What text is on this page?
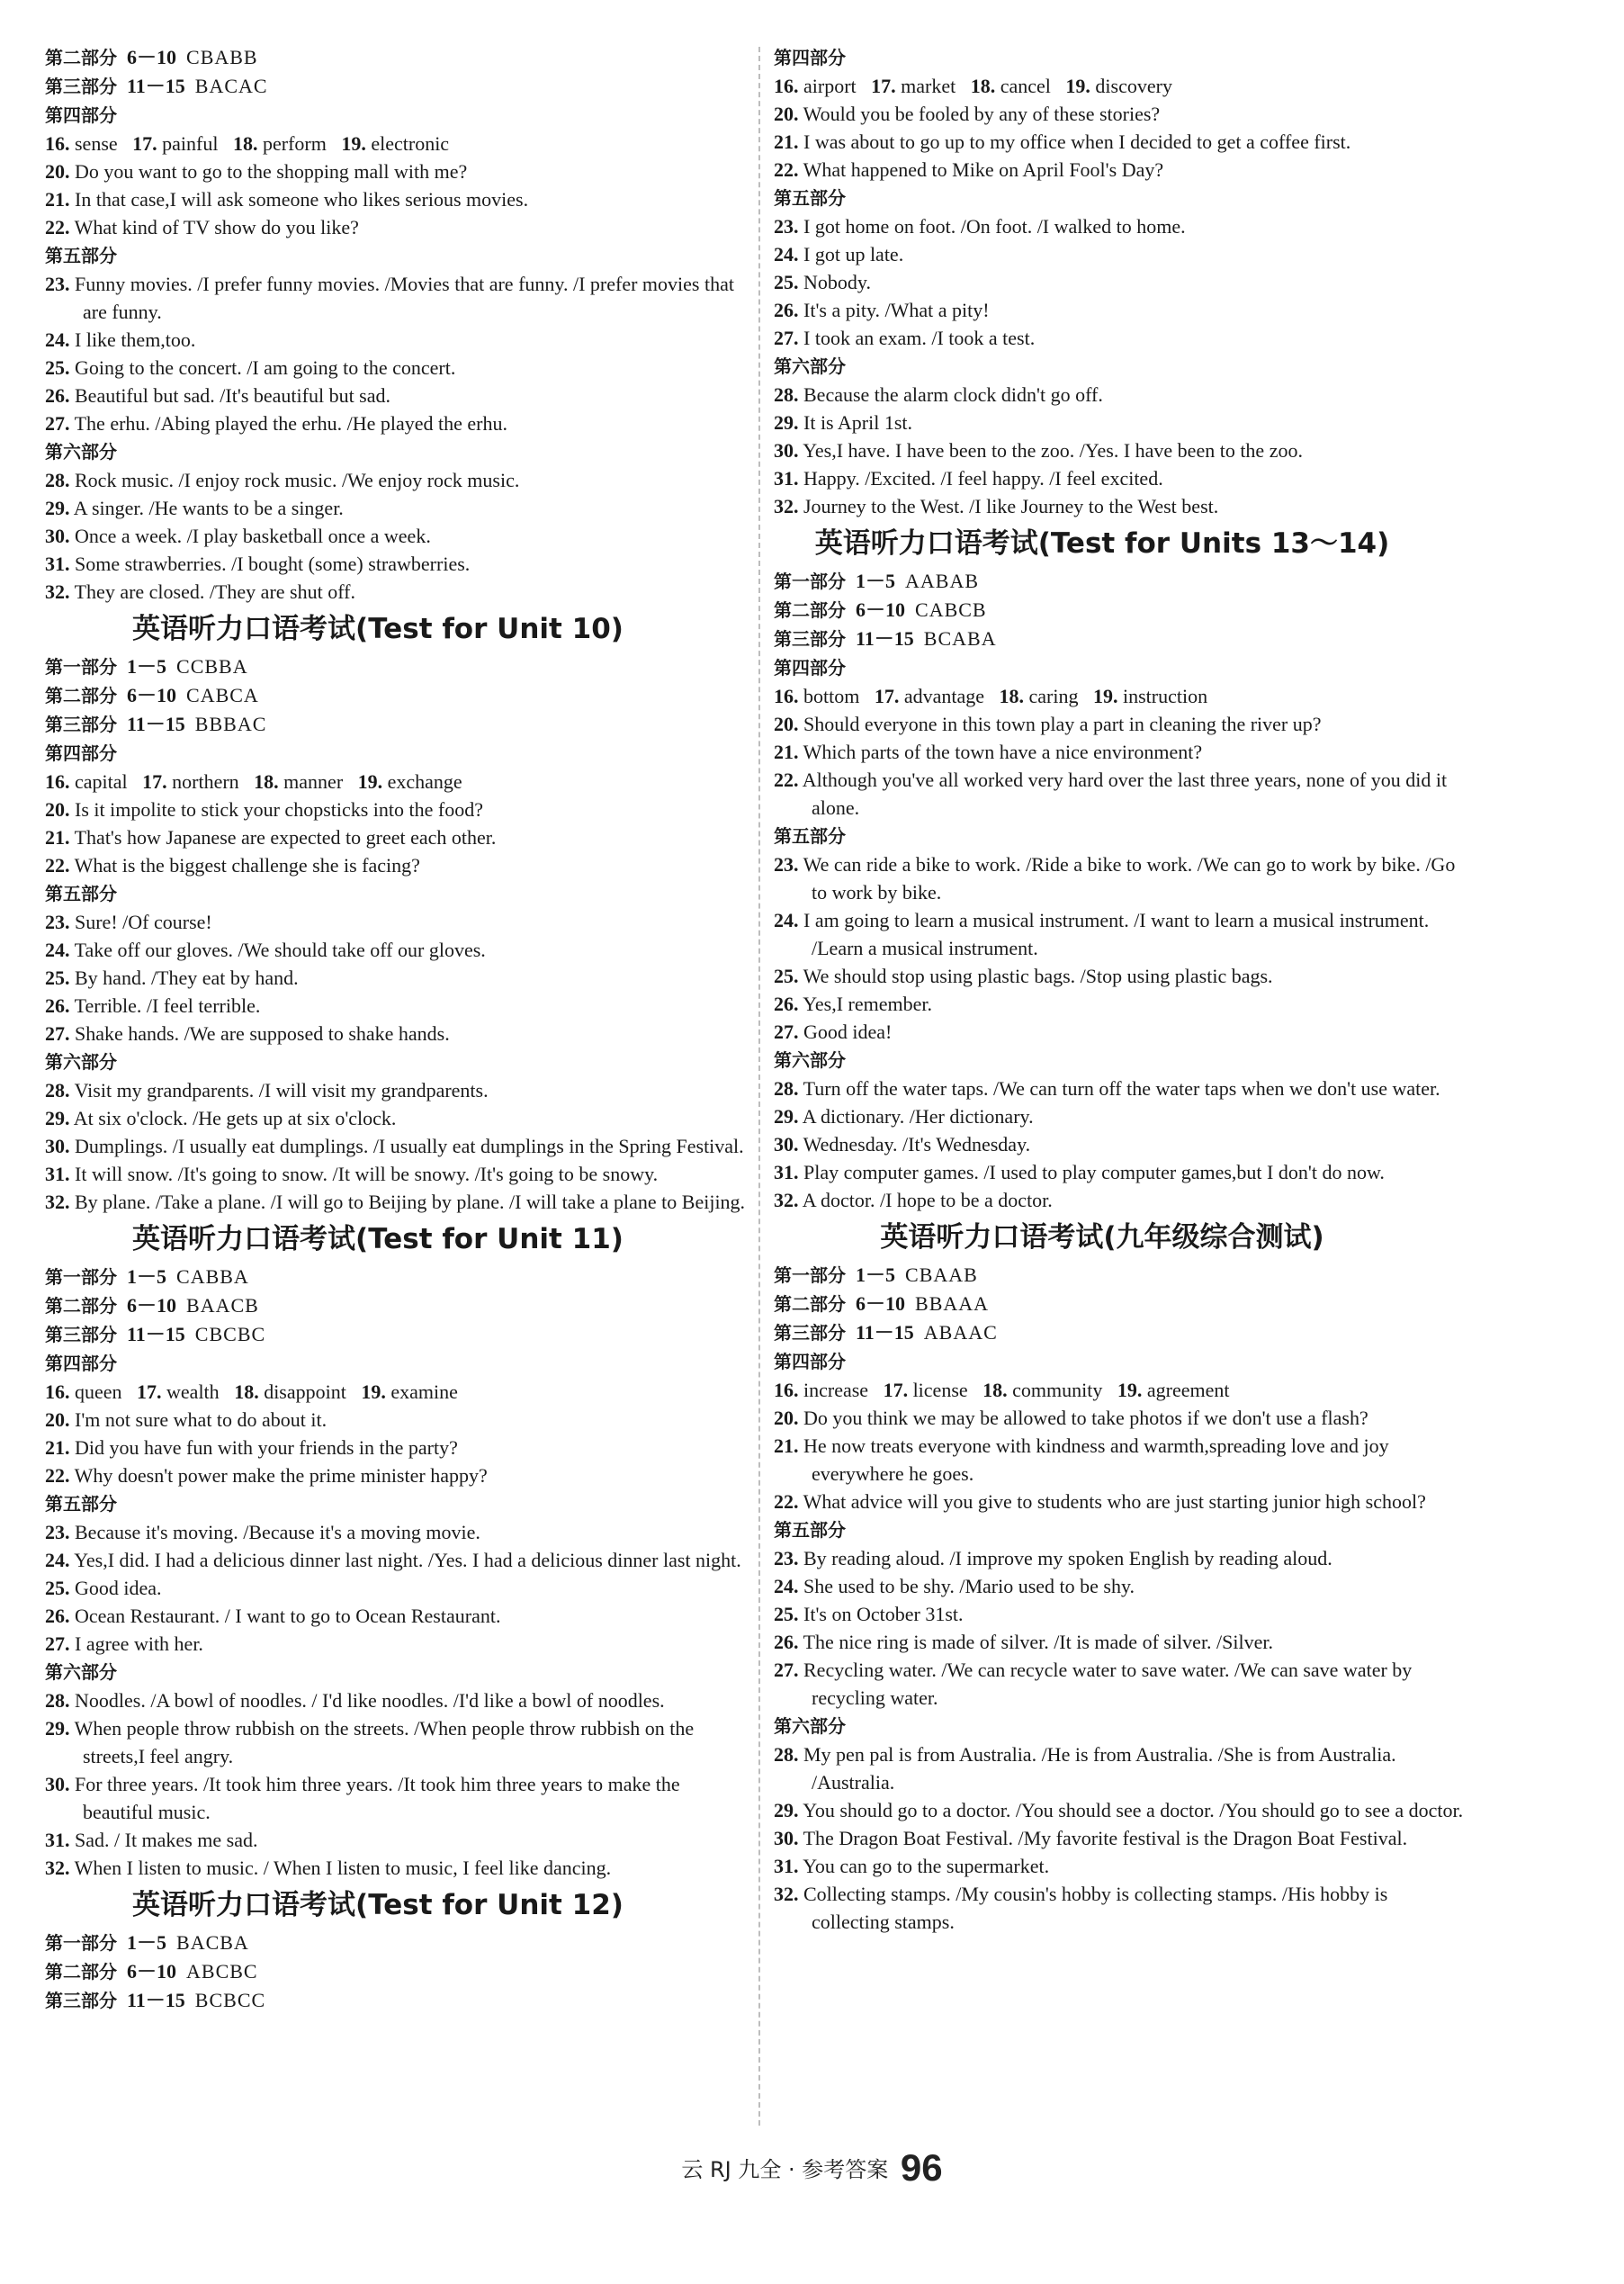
第二部分 6－10 CBABB
第三部分 11－15 BACAC
第四部分
16. sense 17. painful 18. perform 19. electronic
20. Do you want to go to the shopping mall with me?
21. In that case,I will ask someone who likes serious movies.
22. What kind of TV show do you like?
第五部分
23. Funny movies. /I prefer funny movies. /Movies that are funny. /I prefer movies that are funny.
24. I like them,too.
25. Going to the concert. /I am going to the concert.
26. Beautiful but sad. /It's beautiful but sad.
27. The erhu. /Abing played the erhu. /He played the erhu.
第六部分
28. Rock music. /I enjoy rock music. /We enjoy rock music.
29. A singer. /He wants to be a singer.
30. Once a week. /I play basketball once a week.
31. Some strawberries. /I bought (some) strawberries.
32. They are closed. /They are shut off.
英语听力口语考试(Test for Unit 10)
第一部分 1－5 CCBBA
第二部分 6－10 CABCA
第三部分 11－15 BBBAC
第四部分
16. capital 17. northern 18. manner 19. exchange
20. Is it impolite to stick your chopsticks into the food?
21. That's how Japanese are expected to greet each other.
22. What is the biggest challenge she is facing?
第五部分
23. Sure! /Of course!
24. Take off our gloves. /We should take off our gloves.
25. By hand. /They eat by hand.
26. Terrible. /I feel terrible.
27. Shake hands. /We are supposed to shake hands.
第六部分
28. Visit my grandparents. /I will visit my grandparents.
29. At six o'clock. /He gets up at six o'clock.
30. Dumplings. /I usually eat dumplings. /I usually eat dumplings in the Spring Festival.
31. It will snow. /It's going to snow. /It will be snowy. /It's going to be snowy.
32. By plane. /Take a plane. /I will go to Beijing by plane. /I will take a plane to Beijing.
英语听力口语考试(Test for Unit 11)
第一部分 1－5 CABBA
第二部分 6－10 BAACB
第三部分 11－15 CBCBC
第四部分
16. queen 17. wealth 18. disappoint 19. examine
20. I'm not sure what to do about it.
21. Did you have fun with your friends in the party?
22. Why doesn't power make the prime minister happy?
第五部分
23. Because it's moving. /Because it's a moving movie.
24. Yes,I did. I had a delicious dinner last night. /Yes. I had a delicious dinner last night.
25. Good idea.
26. Ocean Restaurant. / I want to go to Ocean Restaurant.
27. I agree with her.
第六部分
28. Noodles. /A bowl of noodles. / I'd like noodles. /I'd like a bowl of noodles.
29. When people throw rubbish on the streets. /When people throw rubbish on the streets,I feel angry.
30. For three years. /It took him three years. /It took him three years to make the beautiful music.
31. Sad. / It makes me sad.
32. When I listen to music. / When I listen to music, I feel like dancing.
英语听力口语考试(Test for Unit 12)
第一部分 1－5 BACBA
第二部分 6－10 ABCBC
第三部分 11－15 BCBCC
第四部分
16. airport 17. market 18. cancel 19. discovery
20. Would you be fooled by any of these stories?
21. I was about to go up to my office when I decided to get a coffee first.
22. What happened to Mike on April Fool's Day?
第五部分
23. I got home on foot. /On foot. /I walked to home.
24. I got up late.
25. Nobody.
26. It's a pity. /What a pity!
27. I took an exam. /I took a test.
第六部分
28. Because the alarm clock didn't go off.
29. It is April 1st.
30. Yes,I have. I have been to the zoo. /Yes. I have been to the zoo.
31. Happy. /Excited. /I feel happy. /I feel excited.
32. Journey to the West. /I like Journey to the West best.
英语听力口语考试(Test for Units 13～14)
第一部分 1－5 AABAB
第二部分 6－10 CABCB
第三部分 11－15 BCABA
第四部分
16. bottom 17. advantage 18. caring 19. instruction
20. Should everyone in this town play a part in cleaning the river up?
21. Which parts of the town have a nice environment?
22. Although you've all worked very hard over the last three years, none of you did it alone.
第五部分
23. We can ride a bike to work. /Ride a bike to work. /We can go to work by bike. /Go to work by bike.
24. I am going to learn a musical instrument. /I want to learn a musical instrument. /Learn a musical instrument.
25. We should stop using plastic bags. /Stop using plastic bags.
26. Yes,I remember.
27. Good idea!
第六部分
28. Turn off the water taps. /We can turn off the water taps when we don't use water.
29. A dictionary. /Her dictionary.
30. Wednesday. /It's Wednesday.
31. Play computer games. /I used to play computer games,but I don't do now.
32. A doctor. /I hope to be a doctor.
英语听力口语考试(九年级综合测试)
第一部分 1－5 CBAAB
第二部分 6－10 BBAAA
第三部分 11－15 ABAAC
第四部分
16. increase 17. license 18. community 19. agreement
20. Do you think we may be allowed to take photos if we don't use a flash?
21. He now treats everyone with kindness and warmth,spreading love and joy everywhere he goes.
22. What advice will you give to students who are just starting junior high school?
第五部分
23. By reading aloud. /I improve my spoken English by reading aloud.
24. She used to be shy. /Mario used to be shy.
25. It's on October 31st.
26. The nice ring is made of silver. /It is made of silver. /Silver.
27. Recycling water. /We can recycle water to save water. /We can save water by recycling water.
第六部分
28. My pen pal is from Australia. /He is from Australia. /She is from Australia. /Australia.
29. You should go to a doctor. /You should see a doctor. /You should go to see a doctor.
30. The Dragon Boat Festival. /My favorite festival is the Dragon Boat Festival.
31. You can go to the supermarket.
32. Collecting stamps. /My cousin's hobby is collecting stamps. /His hobby is collecting stamps.
云 RJ 九全 · 参考答案 96
